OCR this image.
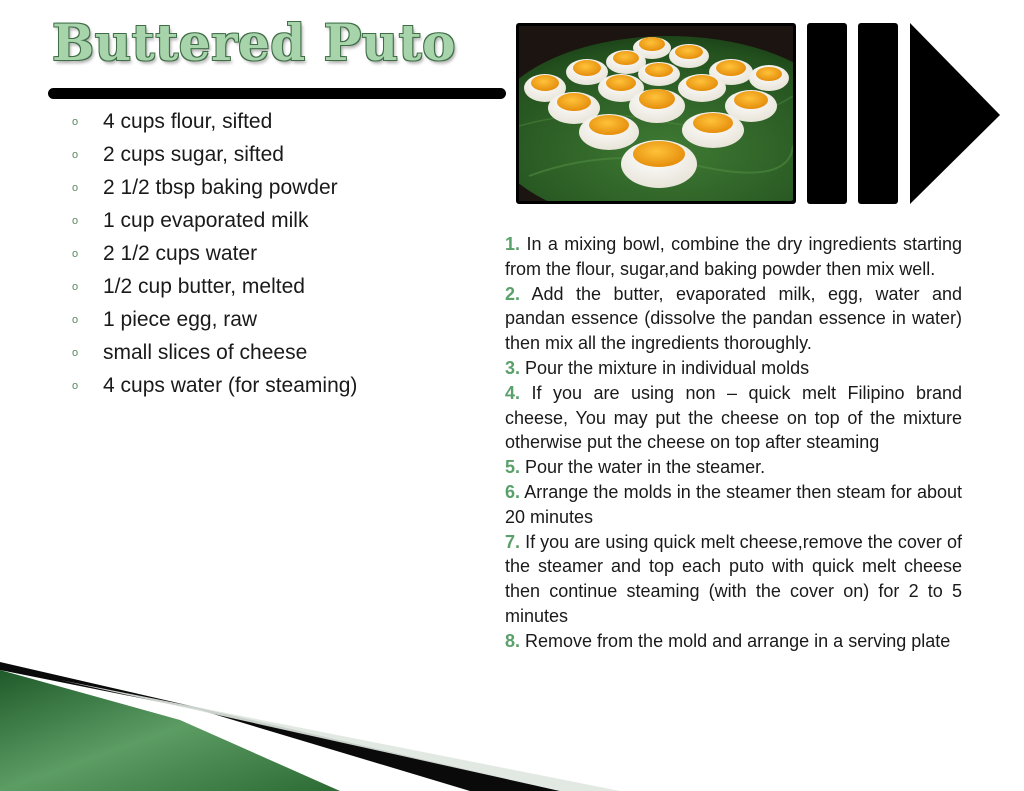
Buttered Puto
o 4 cups flour, sifted
o 2 cups sugar, sifted
o 2 1/2 tbsp baking powder
o 1 cup evaporated milk
o 2 1/2 cups water
o 1/2 cup butter, melted
o 1 piece egg, raw
o small slices of cheese
o 4 cups water (for steaming)
1. In a mixing bowl, combine the dry ingredients starting from the flour, sugar,and baking powder then mix well.
2. Add the butter, evaporated milk, egg, water and pandan essence (dissolve the pandan essence in water) then mix all the ingredients thoroughly.
3. Pour the mixture in individual molds
4. If you are using non – quick melt Filipino brand cheese, You may put the cheese on top of the mixture otherwise put the cheese on top after steaming
5. Pour the water in the steamer.
6. Arrange the molds in the steamer then steam for about 20 minutes
7. If you are using quick melt cheese,remove the cover of the steamer and top each puto with quick melt cheese then continue steaming (with the cover on) for 2 to 5 minutes
8. Remove from the mold and arrange in a serving plate
